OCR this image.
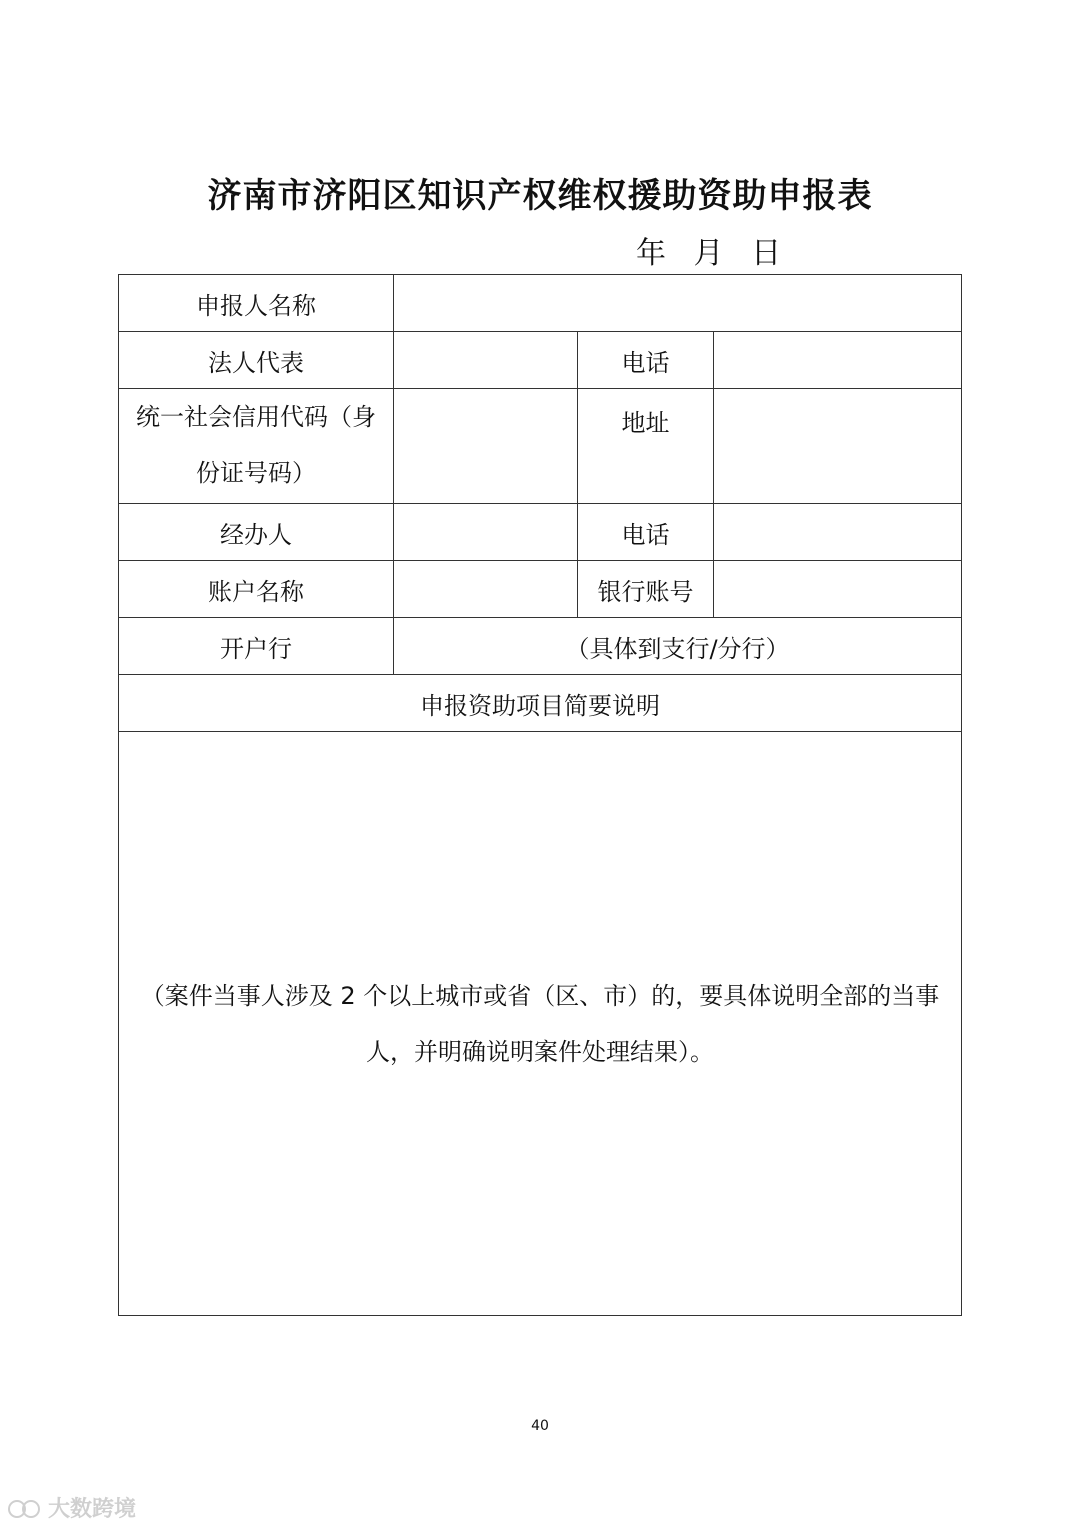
济南市济阳区知识产权维权援助资助申报表
年 月 日
申报人名称			
法人代表		电话	

统一社会信用代码（身份证号码）		地址	

经办人		电话	
账户名称		银行账号	
开户行	（具体到支行/分行）		
申报资助项目简要说明			

（案件当事人涉及 2 个以上城市或省（区、市）的，要具体说明全部的当事人，并明确说明案件处理结果）。			
40
大数跨境
